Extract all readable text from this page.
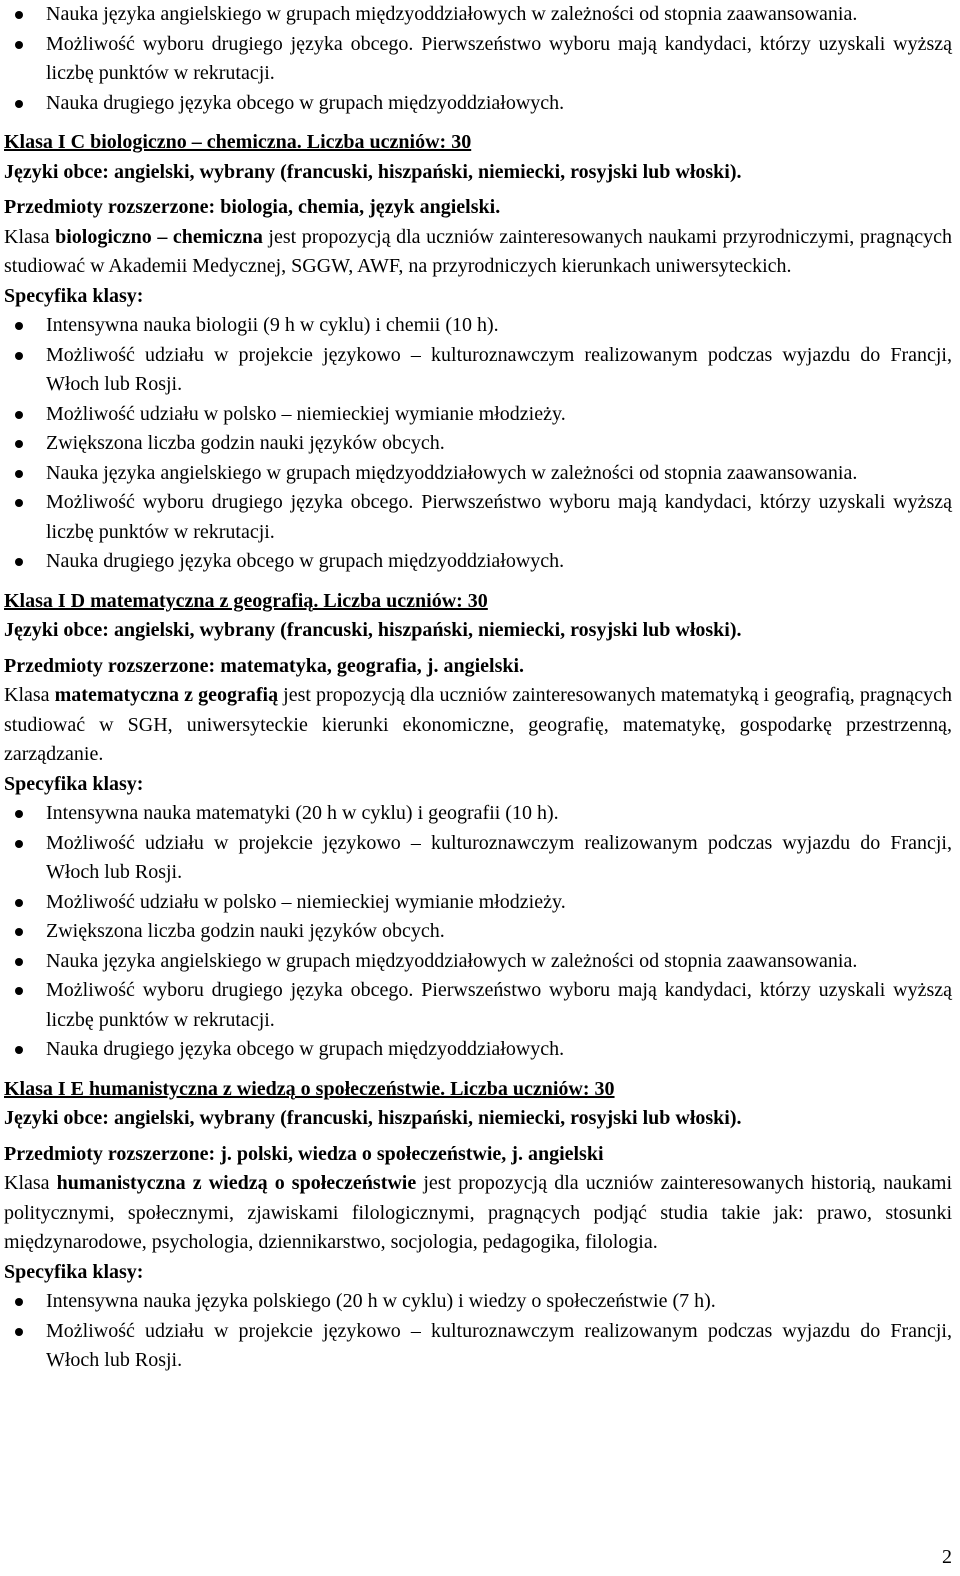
Nauka języka angielskiego w grupach międzyoddziałowych w zależności od stopnia zaawansowania.
Możliwość wyboru drugiego języka obcego. Pierwszeństwo wyboru mają kandydaci, którzy uzyskali wyższą liczbę punktów w rekrutacji.
Nauka drugiego języka obcego w grupach międzyoddziałowych.

Klasa I C biologiczno – chemiczna. Liczba uczniów: 30

Języki obce: angielski, wybrany (francuski, hiszpański, niemiecki, rosyjski lub włoski).

Przedmioty rozszerzone: biologia, chemia, język angielski.

Klasa biologiczno – chemiczna jest propozycją dla uczniów zainteresowanych naukami przyrodniczymi, pragnących studiować w Akademii Medycznej, SGGW, AWF, na przyrodniczych kierunkach uniwersyteckich.

Specyfika klasy:

Intensywna nauka biologii (9 h w cyklu) i chemii (10 h).
Możliwość udziału w projekcie językowo – kulturoznawczym realizowanym podczas wyjazdu do Francji, Włoch lub Rosji.
Możliwość udziału w polsko – niemieckiej wymianie młodzieży.
Zwiększona liczba godzin nauki języków obcych.
Nauka języka angielskiego w grupach międzyoddziałowych w zależności od stopnia zaawansowania.
Możliwość wyboru drugiego języka obcego. Pierwszeństwo wyboru mają kandydaci, którzy uzyskali wyższą liczbę punktów w rekrutacji.
Nauka drugiego języka obcego w grupach międzyoddziałowych.

Klasa I D matematyczna z geografią. Liczba uczniów: 30

Języki obce: angielski, wybrany (francuski, hiszpański, niemiecki, rosyjski lub włoski).

Przedmioty rozszerzone: matematyka, geografia, j. angielski.

Klasa matematyczna z geografią jest propozycją dla uczniów zainteresowanych matematyką i geografią, pragnących studiować w SGH, uniwersyteckie kierunki ekonomiczne, geografię, matematykę, gospodarkę przestrzenną, zarządzanie.

Specyfika klasy:

Intensywna nauka matematyki (20 h w cyklu) i geografii (10 h).
Możliwość udziału w projekcie językowo – kulturoznawczym realizowanym podczas wyjazdu do Francji, Włoch lub Rosji.
Możliwość udziału w polsko – niemieckiej wymianie młodzieży.
Zwiększona liczba godzin nauki języków obcych.
Nauka języka angielskiego w grupach międzyoddziałowych w zależności od stopnia zaawansowania.
Możliwość wyboru drugiego języka obcego. Pierwszeństwo wyboru mają kandydaci, którzy uzyskali wyższą liczbę punktów w rekrutacji.
Nauka drugiego języka obcego w grupach międzyoddziałowych.

Klasa I E humanistyczna z wiedzą o społeczeństwie. Liczba uczniów: 30

Języki obce: angielski, wybrany (francuski, hiszpański, niemiecki, rosyjski lub włoski).

Przedmioty rozszerzone: j. polski, wiedza o społeczeństwie, j. angielski

Klasa humanistyczna z wiedzą o społeczeństwie jest propozycją dla uczniów zainteresowanych historią, naukami politycznymi, społecznymi, zjawiskami filologicznymi, pragnących podjąć studia takie jak: prawo, stosunki międzynarodowe, psychologia, dziennikarstwo, socjologia, pedagogika, filologia.

Specyfika klasy:

Intensywna nauka języka polskiego (20 h w cyklu) i wiedzy o społeczeństwie (7 h).
Możliwość udziału w projekcie językowo – kulturoznawczym realizowanym podczas wyjazdu do Francji, Włoch lub Rosji.
2
